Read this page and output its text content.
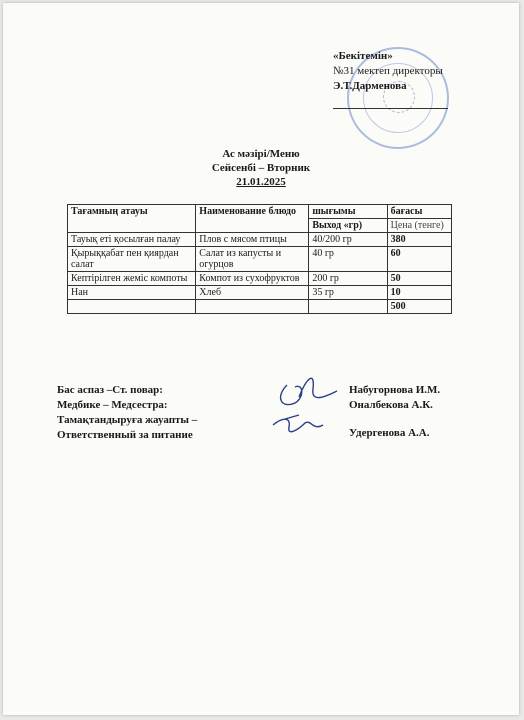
«Бекітемін»
№31 мектеп директоры
Э.Т.Дарменова
Ас мәзірі/Меню
Сейсенбі – Вторник
21.01.2025
Тағамның атауы	Наименование блюдо	шығымы	бағасы
		Выход «гр)	Цена (тенге)
Тауық еті қосылған палау	Плов с мясом птицы	40/200 гр	380
Қырыққабат пен қиярдан салат	Салат из капусты и огурцов	40 гр	60
Кептірілген жеміс компоты	Компот из сухофруктов	200 гр	50
Нан	Хлеб	35 гр	10
			500
Бас аспаз –Ст. повар:
Медбике – Медсестра:
Тамақтандыруға жауапты –
Ответственный за питание
Набугорнова И.М.
Оналбекова А.К.
Удергенова А.А.
